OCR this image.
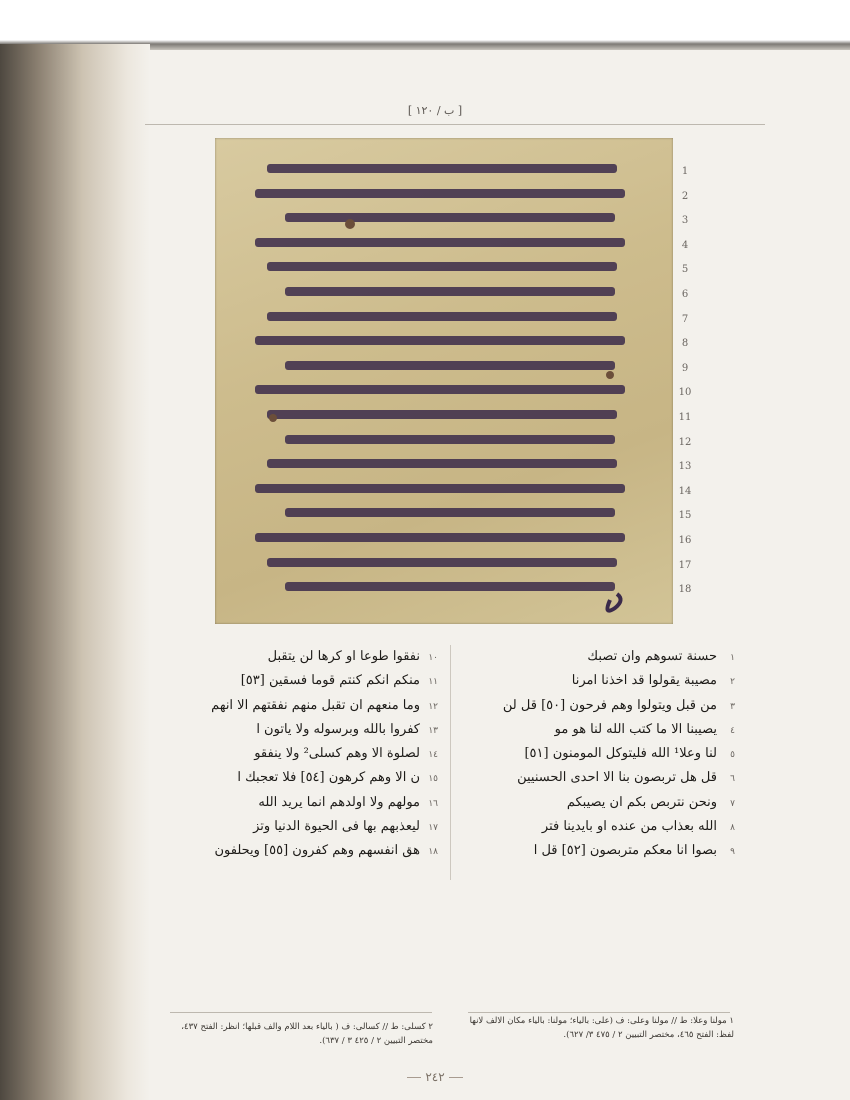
[ ب / ١٢٠ ]
1
2
3
4
5
6
7
8
9
10
11
12
13
14
15
16
17
18
١حسنة تسوهم وان تصبك
٢مصيبة يقولوا قد اخذنا امرنا
٣من قبل ويتولوا وهم فرحون [٥٠] قل لن
٤يصيبنا الا ما كتب الله لنا هو مو
٥لنا وعلا¹ الله فليتوكل المومنون [٥١]
٦قل هل تربصون بنا الا احدى الحسنيين
٧ونحن نتربص بكم ان يصيبكم
٨الله بعذاب من عنده او بايدينا فتر
٩بصوا انا معكم متربصون [٥٢] قل ا
١٠نفقوا طوعا او كرها لن يتقبل
١١منكم انكم كنتم قوما فسقين [٥٣]
١٢وما منعهم ان تقبل منهم نفقتهم الا انهم
١٣كفروا بالله وبرسوله ولا ياتون ا
١٤لصلوة الا وهم كسلى² ولا ينفقو
١٥ن الا وهم كرهون [٥٤] فلا تعجبك ا
١٦مولهم ولا اولدهم انما يريد الله
١٧ليعذبهم بها فى الحيوة الدنيا وتز
١٨هق انفسهم وهم كفرون [٥٥] ويحلفون
١ مولنا وعلا: ط // مولنا وعلى: ف (على: بالياء؛ مولنا: بالياء مكان الالف لانها لفظ: الفتح ٤٦٥، مختصر التبيين ٢ / ٤٧٥ ٣/ ٦٢٧).
٢ كسلى: ط // كسالى: ف ( بالياء بعد اللام والف قبلها؛ انظر: الفتح ٤٣٧، مختصر التبيين ٢ / ٤٢٥ ٣ / ٦٣٧).
٢٤٢
